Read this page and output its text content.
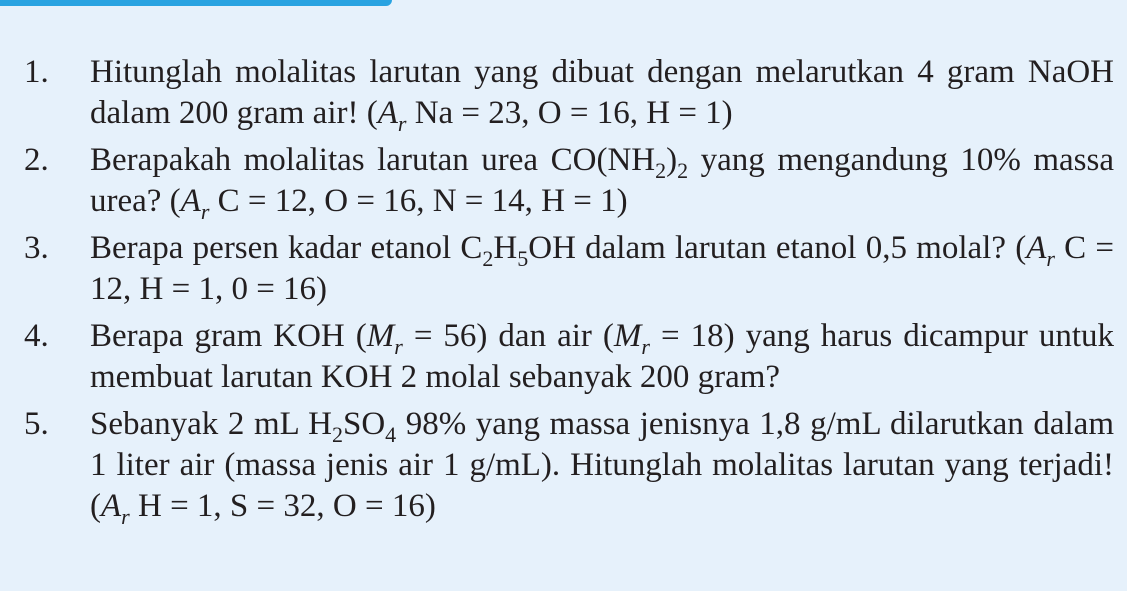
1.	Hitunglah molalitas larutan yang dibuat dengan melarutkan 4 gram NaOH dalam 200 gram air! ($A_r$ Na = 23, O = 16, H = 1)
2.	Berapakah molalitas larutan urea $CO(NH_2)_2$ yang mengandung 10% massa urea? ($A_r$ C = 12, O = 16, N = 14, H = 1)
3.	Berapa persen kadar etanol $C_2H_5OH$ dalam larutan etanol 0,5 molal? ($A_r$ C = 12, H = 1, 0 = 16)
4.	Berapa gram KOH $(M_r = 56)$ dan air $(M_r = 18)$ yang harus dicampur untuk membuat larutan KOH 2 molal sebanyak 200 gram?
5.	Sebanyak 2 mL $H_2SO_4$ 98% yang massa jenisnya 1,8 g/mL dilarutkan dalam 1 liter air (massa jenis air 1 g/mL). Hitunglah molalitas larutan yang terjadi! ($A_r$ H = 1, S = 32, O = 16)
